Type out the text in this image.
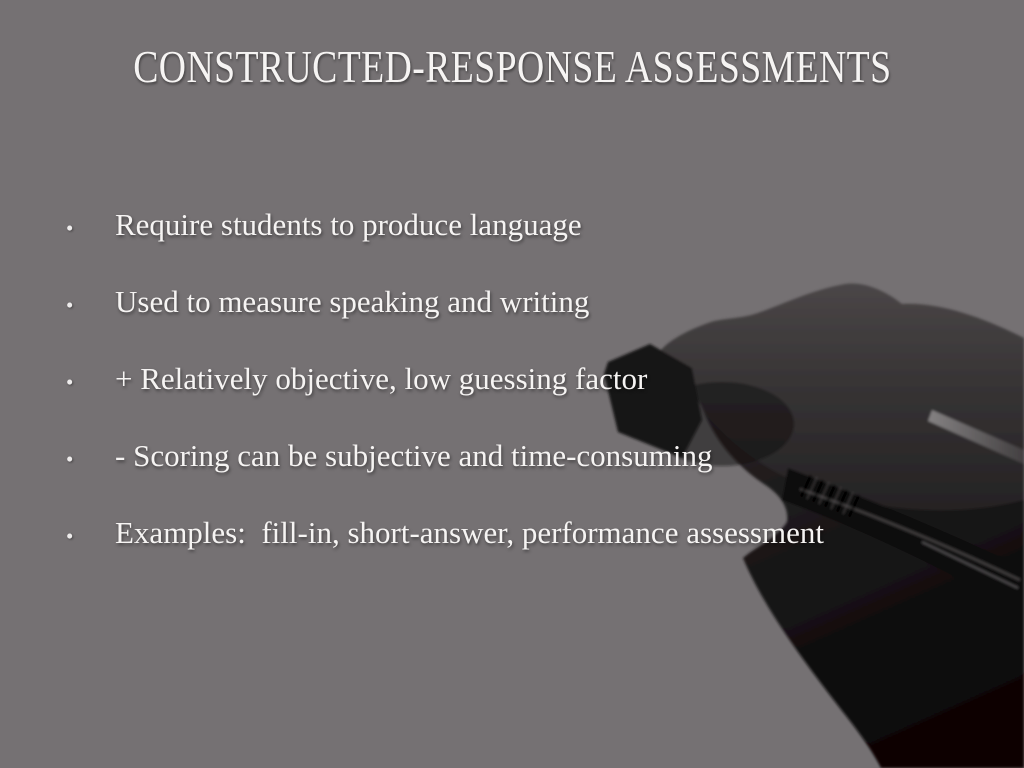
CONSTRUCTED-RESPONSE ASSESSMENTS
•	Require students to produce language
•	Used to measure speaking and writing
•	+ Relatively objective, low guessing factor
•	- Scoring can be subjective and time-consuming
•	Examples:  fill-in, short-answer, performance assessment
